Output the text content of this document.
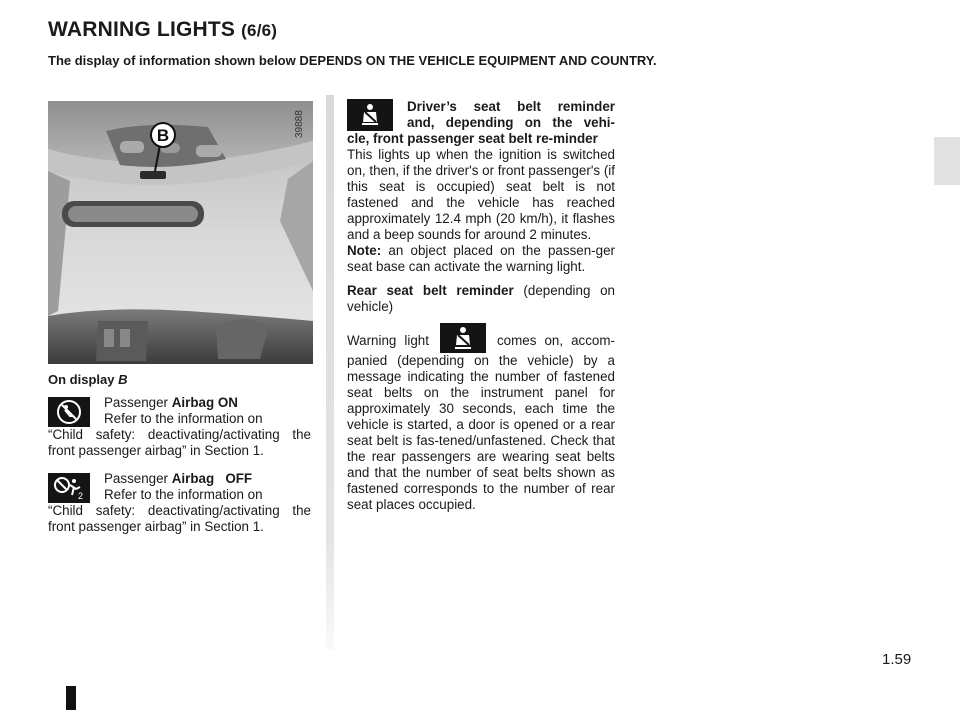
WARNING LIGHTS (6/6)
The display of information shown below DEPENDS ON THE VEHICLE EQUIPMENT AND COUNTRY.
B	39888

On display B

Passenger Airbag ON
Refer to the information on
“Child safety: deactivating/activating the front passenger airbag” in Section 1.
2
Passenger Airbag   OFF
Refer to the information on
“Child safety: deactivating/activating the front passenger airbag” in Section 1.

Driver’s seat belt reminder

and, depending on the vehi-

cle, front passenger seat belt re-minder

This lights up when the ignition is switched on, then, if the driver's or front passenger's (if this seat is occupied) seat belt is not fastened and the vehicle has reached approximately 12.4 mph (20 km/h), it flashes and a beep sounds for around 2 minutes.

Note: an object placed on the passen-ger seat base can activate the warning light.

Rear seat belt reminder (depending on vehicle)

Warning light	comes on, accom-panied (depending on the vehicle) by a message indicating the number of fastened seat belts on the instrument panel for approximately 30 seconds, each time the vehicle is started, a door is opened or a rear seat belt is fas-tened/unfastened. Check that the rear passengers are wearing seat belts and that the number of seat belts shown as fastened corresponds to the number of rear seat places occupied.

1.59
